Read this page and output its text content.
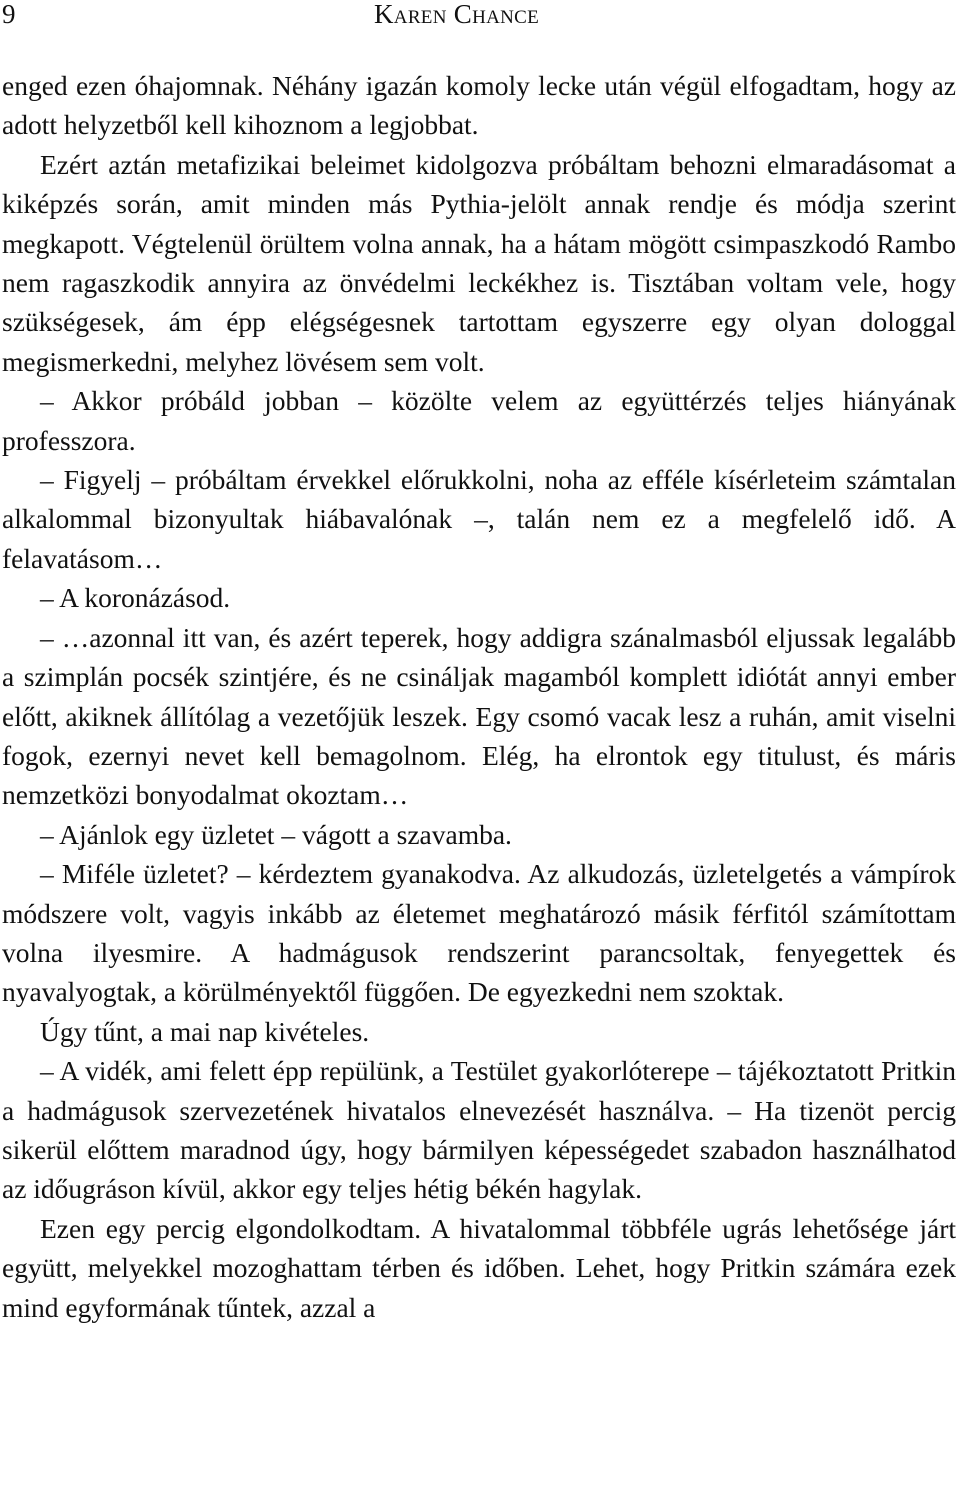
9	Karen Chance

enged ezen óhajomnak. Néhány igazán komoly lecke után végül elfogadtam, hogy az adott helyzetből kell kihoznom a legjobbat.

Ezért aztán metafizikai beleimet kidolgozva próbáltam behozni elmaradásomat a kiképzés során, amit minden más Pythia-jelölt annak rendje és módja szerint megkapott. Végtelenül örültem volna annak, ha a hátam mögött csimpaszkodó Rambo nem ragaszkodik annyira az önvédelmi leckékhez is. Tisztában voltam vele, hogy szükségesek, ám épp elégségesnek tartottam egyszerre egy olyan dologgal megismerkedni, melyhez lövésem sem volt.

– Akkor próbáld jobban – közölte velem az együttérzés teljes hiányának professzora.

– Figyelj – próbáltam érvekkel előrukkolni, noha az efféle kísérleteim számtalan alkalommal bizonyultak hiábavalónak –, talán nem ez a megfelelő idő. A felavatásom…

– A koronázásod.

– …azonnal itt van, és azért teperek, hogy addigra szánalmasból eljussak legalább a szimplán pocsék szintjére, és ne csináljak magamból komplett idiótát annyi ember előtt, akiknek állítólag a vezetőjük leszek. Egy csomó vacak lesz a ruhán, amit viselni fogok, ezernyi nevet kell bemagolnom. Elég, ha elrontok egy titulust, és máris nemzetközi bonyodalmat okoztam…

– Ajánlok egy üzletet – vágott a szavamba.

– Miféle üzletet? – kérdeztem gyanakodva. Az alkudozás, üzletelgetés a vámpírok módszere volt, vagyis inkább az életemet meghatározó másik férfitól számítottam volna ilyesmire. A hadmágusok rendszerint parancsoltak, fenyegettek és nyavalyogtak, a körülményektől függően. De egyezkedni nem szoktak.

Úgy tűnt, a mai nap kivételes.

– A vidék, ami felett épp repülünk, a Testület gyakorlóterepe – tájékoztatott Pritkin a hadmágusok szervezetének hivatalos elnevezését használva. – Ha tizenöt percig sikerül előttem maradnod úgy, hogy bármilyen képességedet szabadon használhatod az időugráson kívül, akkor egy teljes hétig békén hagylak.

Ezen egy percig elgondolkodtam. A hivatalommal többféle ugrás lehetősége járt együtt, melyekkel mozoghattam térben és időben. Lehet, hogy Pritkin számára ezek mind egyformának tűntek, azzal a
